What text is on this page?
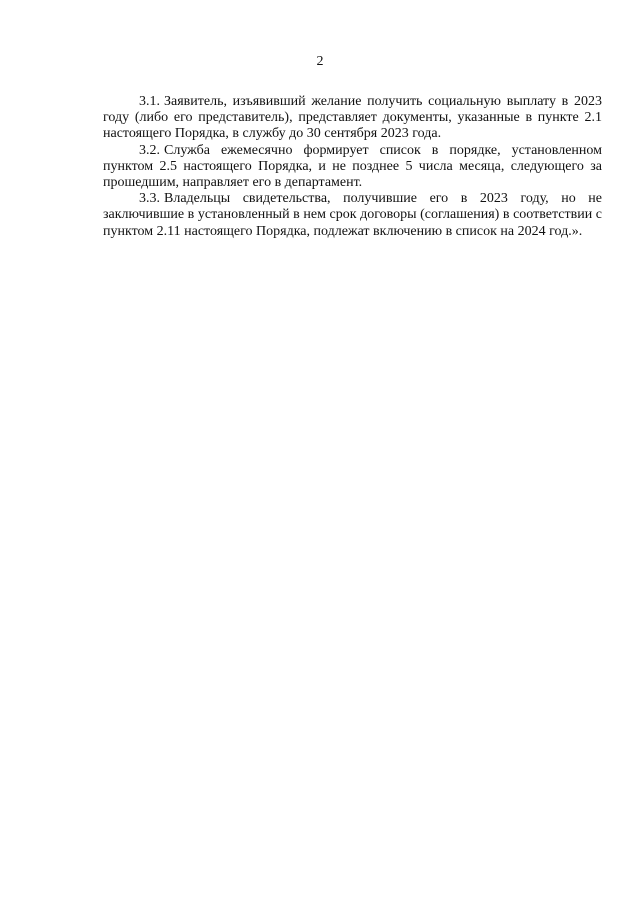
2

3.1. Заявитель, изъявивший желание получить социальную выплату в 2023 году (либо его представитель), представляет документы, указанные в пункте 2.1 настоящего Порядка, в службу до 30 сентября 2023 года.

3.2. Служба ежемесячно формирует список в порядке, установленном пунктом 2.5 настоящего Порядка, и не позднее 5 числа месяца, следующего за прошедшим, направляет его в департамент.

3.3. Владельцы свидетельства, получившие его в 2023 году, но не заключившие в установленный в нем срок договоры (соглашения) в соответствии с пунктом 2.11 настоящего Порядка, подлежат включению в список на 2024 год.».
